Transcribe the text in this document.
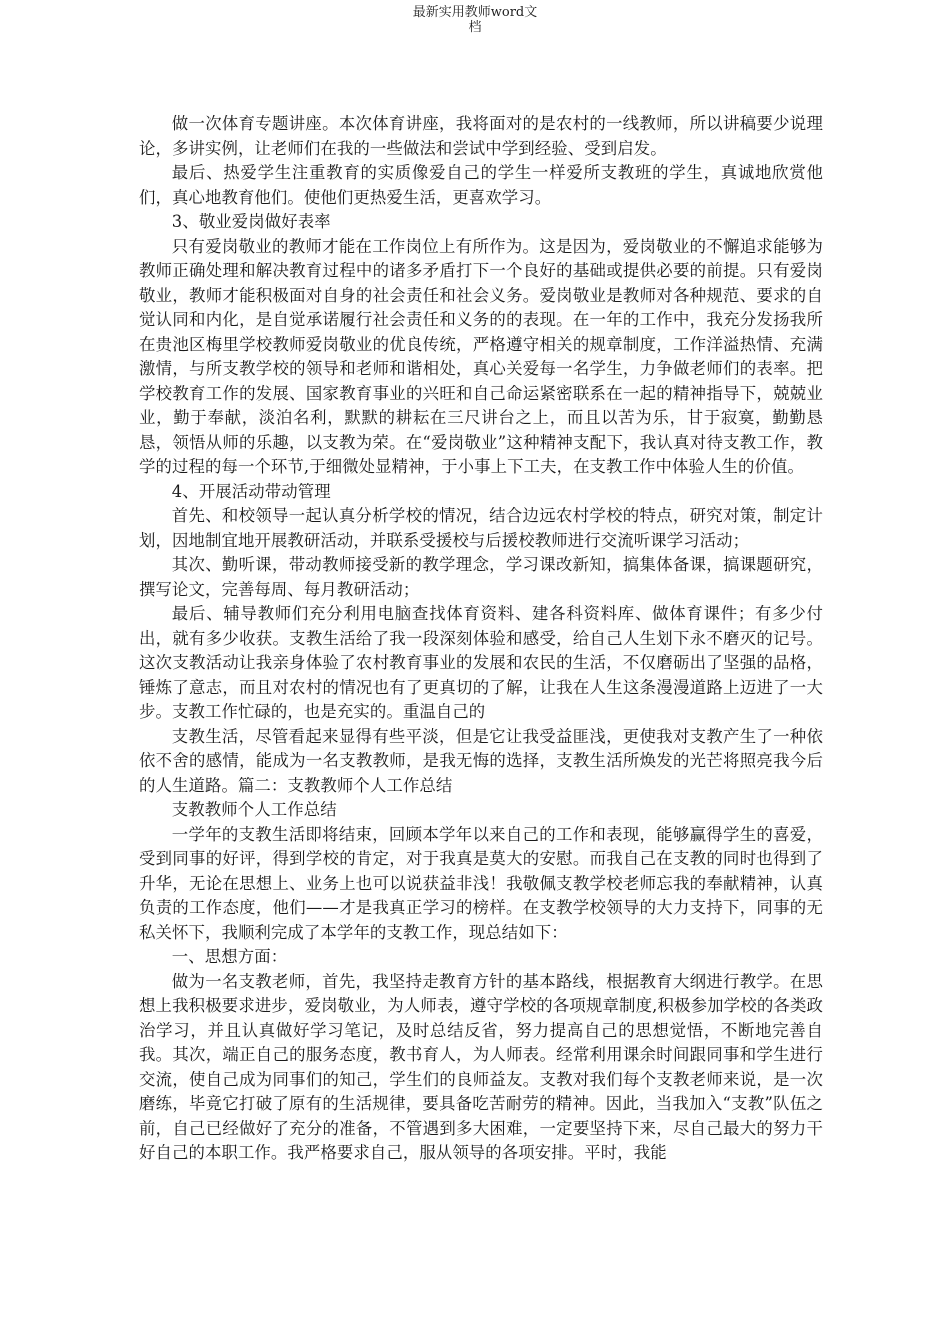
最新实用教师word文
档

做一次体育专题讲座。本次体育讲座，我将面对的是农村的一线教师，所以讲稿要少说理论，多讲实例，让老师们在我的一些做法和尝试中学到经验、受到启发。

最后、热爱学生注重教育的实质像爱自己的学生一样爱所支教班的学生，真诚地欣赏他们，真心地教育他们。使他们更热爱生活，更喜欢学习。

3、敬业爱岗做好表率

只有爱岗敬业的教师才能在工作岗位上有所作为。这是因为，爱岗敬业的不懈追求能够为教师正确处理和解决教育过程中的诸多矛盾打下一个良好的基础或提供必要的前提。只有爱岗敬业，教师才能积极面对自身的社会责任和社会义务。爱岗敬业是教师对各种规范、要求的自觉认同和内化，是自觉承诺履行社会责任和义务的的表现。在一年的工作中，我充分发扬我所在贵池区梅里学校教师爱岗敬业的优良传统，严格遵守相关的规章制度，工作洋溢热情、充满激情，与所支教学校的领导和老师和谐相处，真心关爱每一名学生，力争做老师们的表率。把学校教育工作的发展、国家教育事业的兴旺和自己命运紧密联系在一起的精神指导下，兢兢业业，勤于奉献，淡泊名利，默默的耕耘在三尺讲台之上，而且以苦为乐，甘于寂寞，勤勤恳恳，领悟从师的乐趣，以支教为荣。在“爱岗敬业”这种精神支配下，我认真对待支教工作，教学的过程的每一个环节,于细微处显精神，于小事上下工夫，在支教工作中体验人生的价值。

4、开展活动带动管理

首先、和校领导一起认真分析学校的情况，结合边远农村学校的特点，研究对策，制定计划，因地制宜地开展教研活动，并联系受援校与后援校教师进行交流听课学习活动；

其次、勤听课，带动教师接受新的教学理念，学习课改新知，搞集体备课，搞课题研究，撰写论文，完善每周、每月教研活动；

最后、辅导教师们充分利用电脑查找体育资料、建各科资料库、做体育课件；有多少付出，就有多少收获。支教生活给了我一段深刻体验和感受，给自己人生划下永不磨灭的记号。这次支教活动让我亲身体验了农村教育事业的发展和农民的生活，不仅磨砺出了坚强的品格，锤炼了意志，而且对农村的情况也有了更真切的了解，让我在人生这条漫漫道路上迈进了一大步。支教工作忙碌的，也是充实的。重温自己的

支教生活，尽管看起来显得有些平淡，但是它让我受益匪浅，更使我对支教产生了一种依依不舍的感情，能成为一名支教教师，是我无悔的选择，支教生活所焕发的光芒将照亮我今后的人生道路。篇二：支教教师个人工作总结

支教教师个人工作总结

一学年的支教生活即将结束，回顾本学年以来自己的工作和表现，能够赢得学生的喜爱，受到同事的好评，得到学校的肯定，对于我真是莫大的安慰。而我自己在支教的同时也得到了升华，无论在思想上、业务上也可以说获益非浅！我敬佩支教学校老师忘我的奉献精神，认真负责的工作态度，他们——才是我真正学习的榜样。在支教学校领导的大力支持下，同事的无私关怀下，我顺利完成了本学年的支教工作，现总结如下：

一、思想方面：

做为一名支教老师，首先，我坚持走教育方针的基本路线，根据教育大纲进行教学。在思想上我积极要求进步，爱岗敬业，为人师表，遵守学校的各项规章制度,积极参加学校的各类政治学习，并且认真做好学习笔记，及时总结反省，努力提高自己的思想觉悟，不断地完善自我。其次，端正自己的服务态度，教书育人，为人师表。经常利用课余时间跟同事和学生进行交流，使自己成为同事们的知己，学生们的良师益友。支教对我们每个支教老师来说，是一次磨练，毕竟它打破了原有的生活规律，要具备吃苦耐劳的精神。因此，当我加入“支教”队伍之前，自己已经做好了充分的准备，不管遇到多大困难，一定要坚持下来，尽自己最大的努力干好自己的本职工作。我严格要求自己，服从领导的各项安排。平时，我能
